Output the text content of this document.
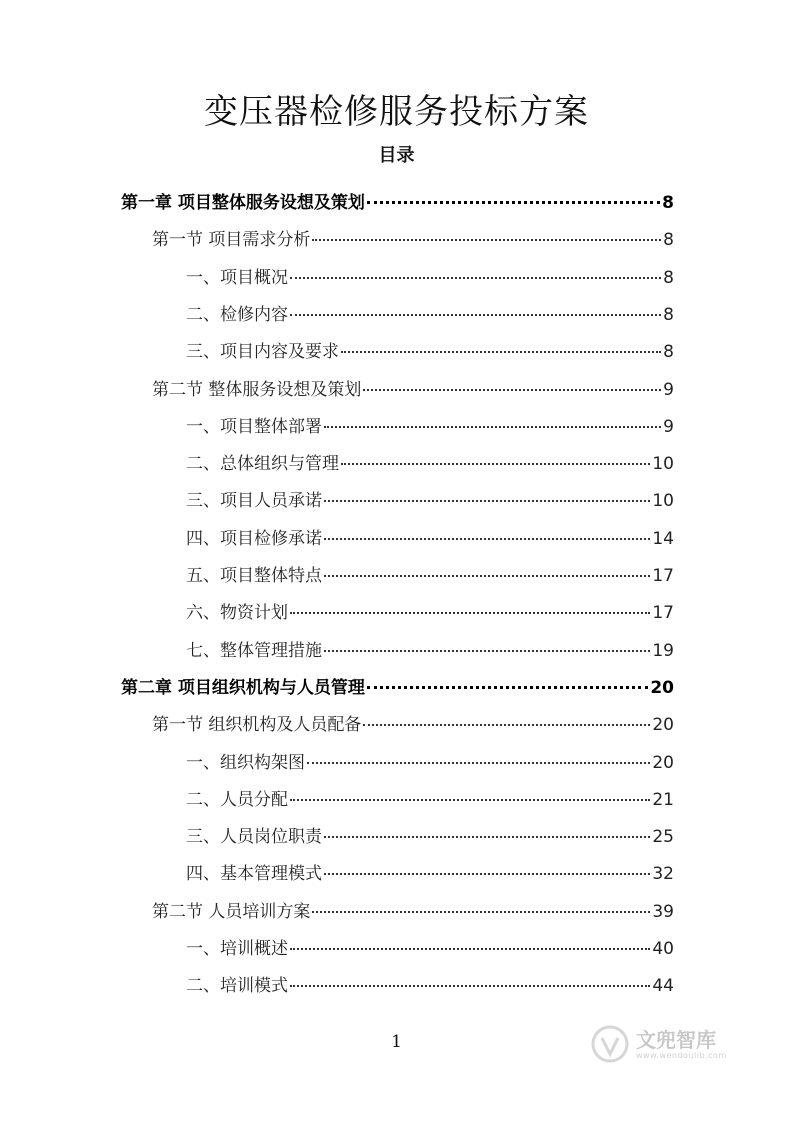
变压器检修服务投标方案
目录
第一章 项目整体服务设想及策划	8
第一节 项目需求分析	8
一、项目概况	8
二、检修内容	8
三、项目内容及要求	8
第二节 整体服务设想及策划	9
一、项目整体部署	9
二、总体组织与管理	10
三、项目人员承诺	10
四、项目检修承诺	14
五、项目整体特点	17
六、物资计划	17
七、整体管理措施	19
第二章 项目组织机构与人员管理	20
第一节 组织机构及人员配备	20
一、组织构架图	20
二、人员分配	21
三、人员岗位职责	25
四、基本管理模式	32
第二节 人员培训方案	39
一、培训概述	40
二、培训模式	44
1	文兜智库
www.wendoulib.com
